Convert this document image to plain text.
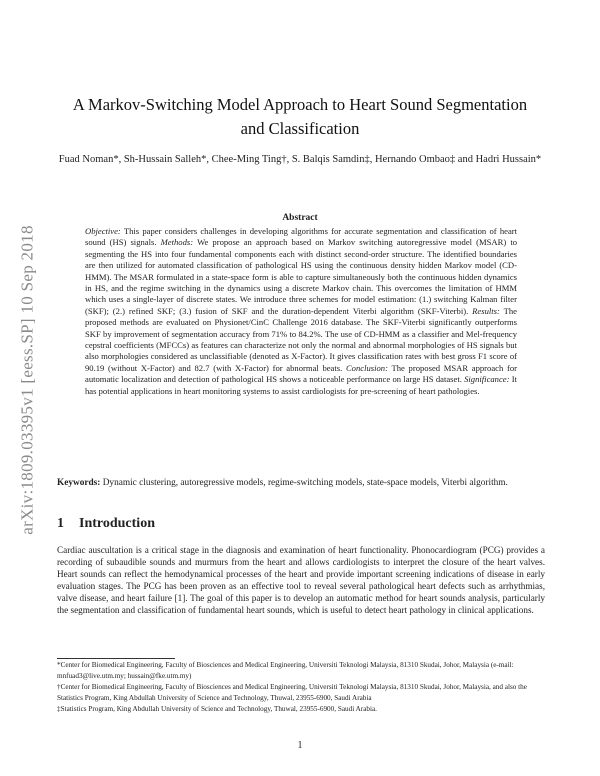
arXiv:1809.03395v1 [eess.SP] 10 Sep 2018
A Markov-Switching Model Approach to Heart Sound Segmentation and Classification
Fuad Noman*, Sh-Hussain Salleh*, Chee-Ming Ting†, S. Balqis Samdin‡, Hernando Ombao‡ and Hadri Hussain*
Abstract
Objective: This paper considers challenges in developing algorithms for accurate segmentation and classification of heart sound (HS) signals. Methods: We propose an approach based on Markov switching autoregressive model (MSAR) to segmenting the HS into four fundamental components each with distinct second-order structure. The identified boundaries are then utilized for automated classification of pathological HS using the continuous density hidden Markov model (CD-HMM). The MSAR formulated in a state-space form is able to capture simultaneously both the continuous hidden dynamics in HS, and the regime switching in the dynamics using a discrete Markov chain. This overcomes the limitation of HMM which uses a single-layer of discrete states. We introduce three schemes for model estimation: (1.) switching Kalman filter (SKF); (2.) refined SKF; (3.) fusion of SKF and the duration-dependent Viterbi algorithm (SKF-Viterbi). Results: The proposed methods are evaluated on Physionet/CinC Challenge 2016 database. The SKF-Viterbi significantly outperforms SKF by improvement of segmentation accuracy from 71% to 84.2%. The use of CD-HMM as a classifier and Mel-frequency cepstral coefficients (MFCCs) as features can characterize not only the normal and abnormal morphologies of HS signals but also morphologies considered as unclassifiable (denoted as X-Factor). It gives classification rates with best gross F1 score of 90.19 (without X-Factor) and 82.7 (with X-Factor) for abnormal beats. Conclusion: The proposed MSAR approach for automatic localization and detection of pathological HS shows a noticeable performance on large HS dataset. Significance: It has potential applications in heart monitoring systems to assist cardiologists for pre-screening of heart pathologies.
Keywords: Dynamic clustering, autoregressive models, regime-switching models, state-space models, Viterbi algorithm.
1 Introduction
Cardiac auscultation is a critical stage in the diagnosis and examination of heart functionality. Phonocardiogram (PCG) provides a recording of subaudible sounds and murmurs from the heart and allows cardiologists to interpret the closure of the heart valves. Heart sounds can reflect the hemodynamical processes of the heart and provide important screening indications of disease in early evaluation stages. The PCG has been proven as an effective tool to reveal several pathological heart defects such as arrhythmias, valve disease, and heart failure [1]. The goal of this paper is to develop an automatic method for heart sounds analysis, particularly the segmentation and classification of fundamental heart sounds, which is useful to detect heart pathology in clinical applications.

*Center for Biomedical Engineering, Faculty of Biosciences and Medical Engineering, Universiti Teknologi Malaysia, 81310 Skudai, Johor, Malaysia (e-mail: mnfuad3@live.utm.my; hussain@fke.utm.my)

†Center for Biomedical Engineering, Faculty of Biosciences and Medical Engineering, Universiti Teknologi Malaysia, 81310 Skudai, Johor, Malaysia, and also the Statistics Program, King Abdullah University of Science and Technology, Thuwal, 23955-6900, Saudi Arabia

‡Statistics Program, King Abdullah University of Science and Technology, Thuwal, 23955-6900, Saudi Arabia.

1
